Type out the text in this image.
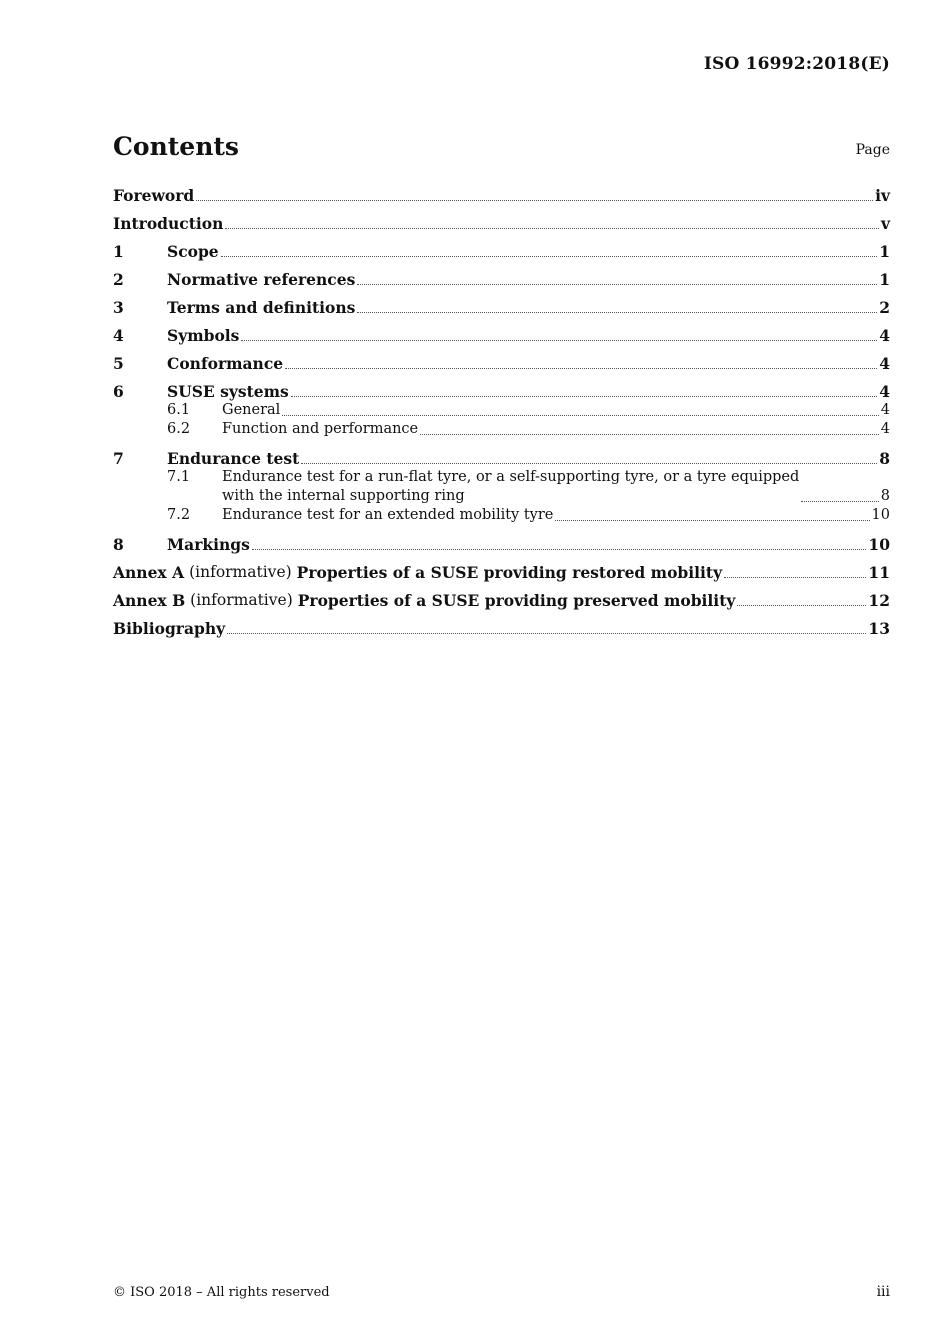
ISO 16992:2018(E)
Contents	Page
Foreword	iv
Introduction	v
1	Scope	1
2	Normative references	1
3	Terms and definitions	2
4	Symbols	4
5	Conformance	4
6	SUSE systems	4
6.1	General	4
6.2	Function and performance	4
7	Endurance test	8
7.1	Endurance test for a run-flat tyre, or a self-supporting tyre, or a tyre equipped
with the internal supporting ring	8
7.2	Endurance test for an extended mobility tyre	10
8	Markings	10
Annex A (informative) Properties of a SUSE providing restored mobility	11
Annex B (informative) Properties of a SUSE providing preserved mobility	12
Bibliography	13
© ISO 2018 – All rights reserved	iii
